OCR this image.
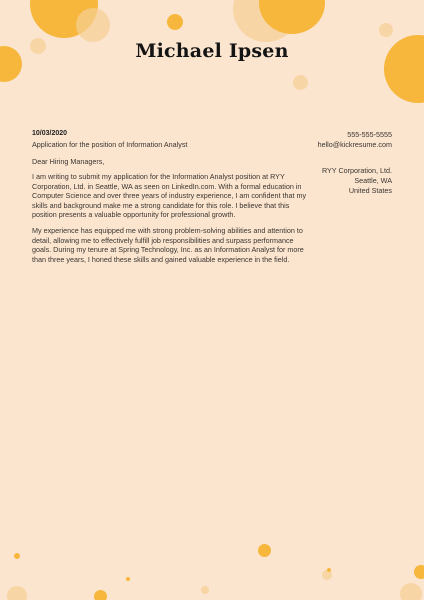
Michael Ipsen
10/03/2020
Application for the position of Information Analyst
555-555-5555
hello@kickresume.com
Dear Hiring Managers,
RYY Corporation, Ltd.
Seattle, WA
United States

I am writing to submit my application for the Information Analyst position at RYY Corporation, Ltd. in Seattle, WA as seen on LinkedIn.com. With a formal education in Computer Science and over three years of industry experience, I am confident that my skills and background make me a strong candidate for this role. I believe that this position presents a valuable opportunity for professional growth.

My experience has equipped me with strong problem-solving abilities and attention to detail, allowing me to effectively fulfill job responsibilities and surpass performance goals. During my tenure at Spring Technology, Inc. as an Information Analyst for more than three years, I honed these skills and gained valuable experience in the field.
